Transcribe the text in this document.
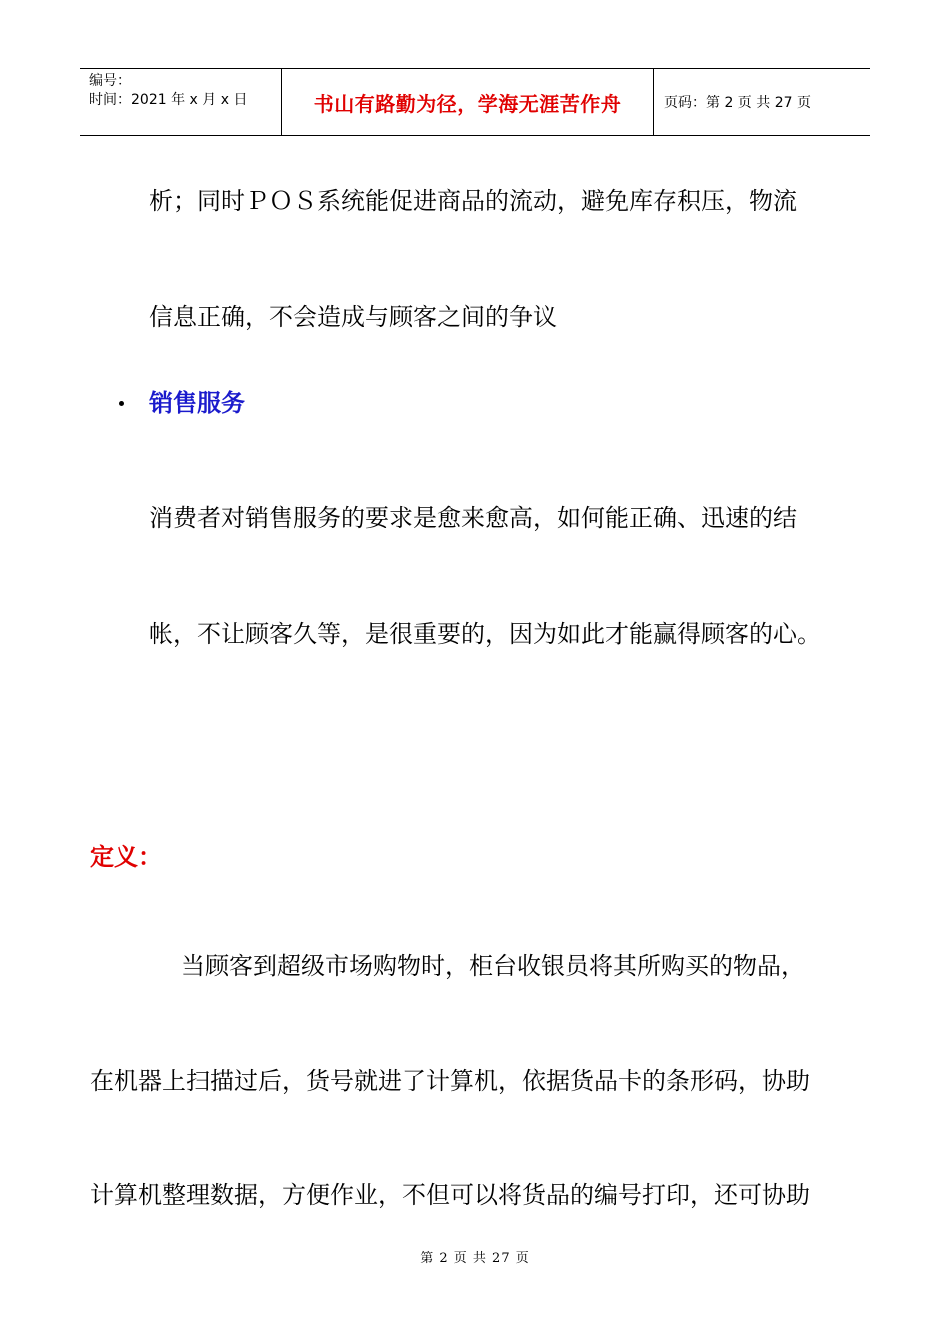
编号：
时间：2021 年 x 月 x 日	书山有路勤为径，学海无涯苦作舟	页码：第 2 页 共 27 页
析；同时ＰＯＳ系统能促进商品的流动，避免库存积压，物流
信息正确，不会造成与顾客之间的争议
销售服务
消费者对销售服务的要求是愈来愈高，如何能正确、迅速的结
帐，不让顾客久等，是很重要的，因为如此才能赢得顾客的心。
定义：
当顾客到超级市场购物时，柜台收银员将其所购买的物品，
在机器上扫描过后，货号就进了计算机，依据货品卡的条形码，协助
计算机整理数据，方便作业，不但可以将货品的编号打印，还可协助
第 2 页 共 27 页
